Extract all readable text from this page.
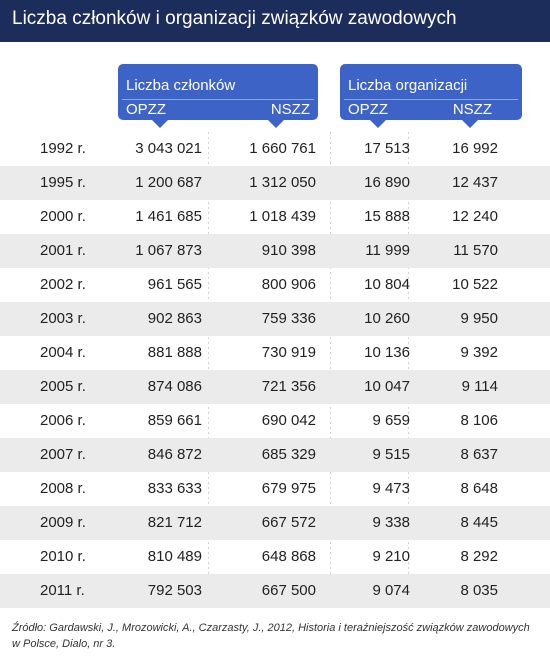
Liczba członków i organizacji związków zawodowych
Liczba członków
OPZZ	NSZZ
Liczba organizacji
OPZZ	NSZZ
1992 r.	3 043 021	1 660 761	17 513	16 992
1995 r.	1 200 687	1 312 050	16 890	12 437
2000 r.	1 461 685	1 018 439	15 888	12 240
2001 r.	1 067 873	910 398	11 999	11 570
2002 r.	961 565	800 906	10 804	10 522
2003 r.	902 863	759 336	10 260	9 950
2004 r.	881 888	730 919	10 136	9 392
2005 r.	874 086	721 356	10 047	9 114
2006 r.	859 661	690 042	9 659	8 106
2007 r.	846 872	685 329	9 515	8 637
2008 r.	833 633	679 975	9 473	8 648
2009 r.	821 712	667 572	9 338	8 445
2010 r.	810 489	648 868	9 210	8 292
2011 r.	792 503	667 500	9 074	8 035
Źródło: Gardawski, J., Mrozowicki, A., Czarzasty, J., 2012, Historia i teraźniejszość związków zawodowych w Polsce, Dialo, nr 3.
